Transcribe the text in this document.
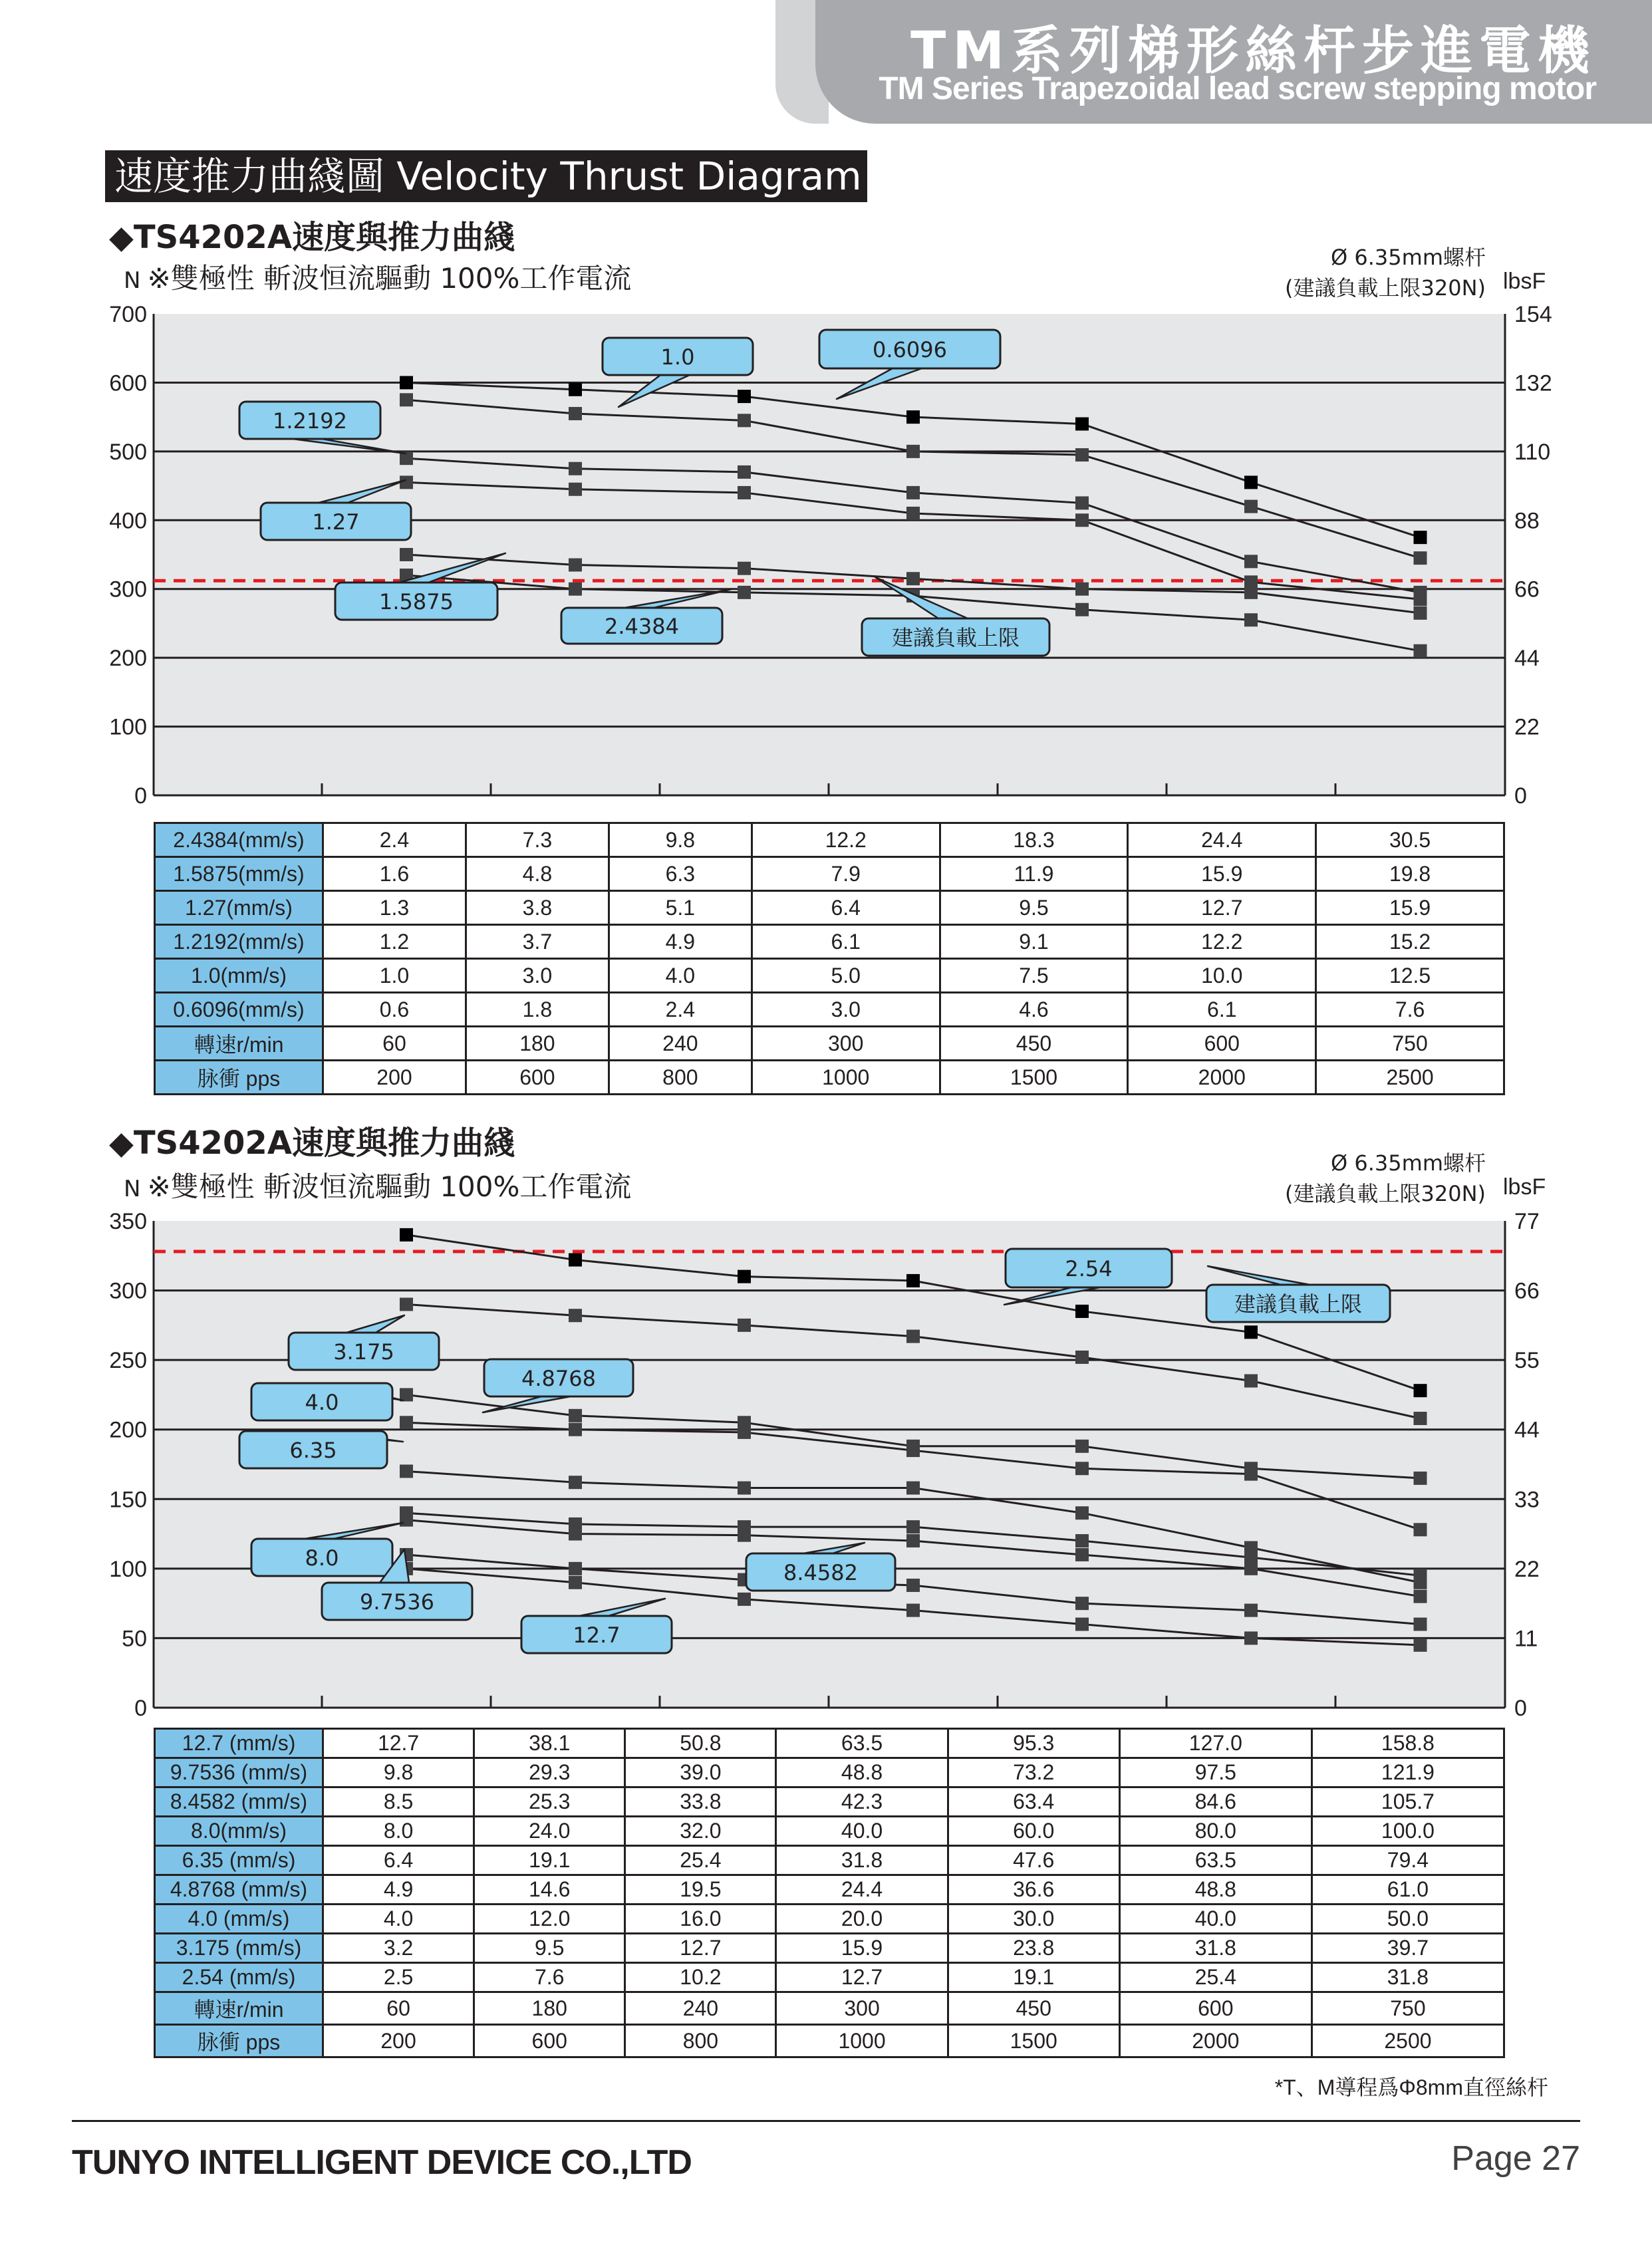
TM系列梯形絲杆步進電機
TM Series Trapezoidal lead screw stepping motor
速度推力曲綫圖 Velocity Thrust Diagram
◆TS4202A速度與推力曲綫
N ※雙極性 斬波恒流驅動 100%工作電流
Ø 6.35mm螺杆
(建議負載上限320N) lbsF
700	154
600	132
500	110
400	88
300	66
200	44
100	22
0	0
1.0	0.6096
1.2192
1.27
1.5875
2.4384	建議負載上限
2.4384(mm/s)	2.4	7.3	9.8	12.2	18.3	24.4	30.5
1.5875(mm/s)	1.6	4.8	6.3	7.9	11.9	15.9	19.8
1.27(mm/s)	1.3	3.8	5.1	6.4	9.5	12.7	15.9
1.2192(mm/s)	1.2	3.7	4.9	6.1	9.1	12.2	15.2
1.0(mm/s)	1.0	3.0	4.0	5.0	7.5	10.0	12.5
0.6096(mm/s)	0.6	1.8	2.4	3.0	4.6	6.1	7.6
轉速r/min	60	180	240	300	450	600	750
脉衝 pps	200	600	800	1000	1500	2000	2500
◆TS4202A速度與推力曲綫
N ※雙極性 斬波恒流驅動 100%工作電流
Ø 6.35mm螺杆
(建議負載上限320N) lbsF
350	77
300	66
250	55
200	44
150	33
100	22
50	11
0	0
3.175
4.8768
4.0
6.35
8.0
9.7536
12.7
8.4582
2.54
建議負載上限
12.7 (mm/s)	12.7	38.1	50.8	63.5	95.3	127.0	158.8
9.7536 (mm/s)	9.8	29.3	39.0	48.8	73.2	97.5	121.9
8.4582 (mm/s)	8.5	25.3	33.8	42.3	63.4	84.6	105.7
8.0(mm/s)	8.0	24.0	32.0	40.0	60.0	80.0	100.0
6.35 (mm/s)	6.4	19.1	25.4	31.8	47.6	63.5	79.4
4.8768 (mm/s)	4.9	14.6	19.5	24.4	36.6	48.8	61.0
4.0 (mm/s)	4.0	12.0	16.0	20.0	30.0	40.0	50.0
3.175 (mm/s)	3.2	9.5	12.7	15.9	23.8	31.8	39.7
2.54 (mm/s)	2.5	7.6	10.2	12.7	19.1	25.4	31.8
轉速r/min	60	180	240	300	450	600	750
脉衝 pps	200	600	800	1000	1500	2000	2500
*T、M導程爲Φ8mm直徑絲杆
TUNYO INTELLIGENT DEVICE CO.,LTD	Page 27
